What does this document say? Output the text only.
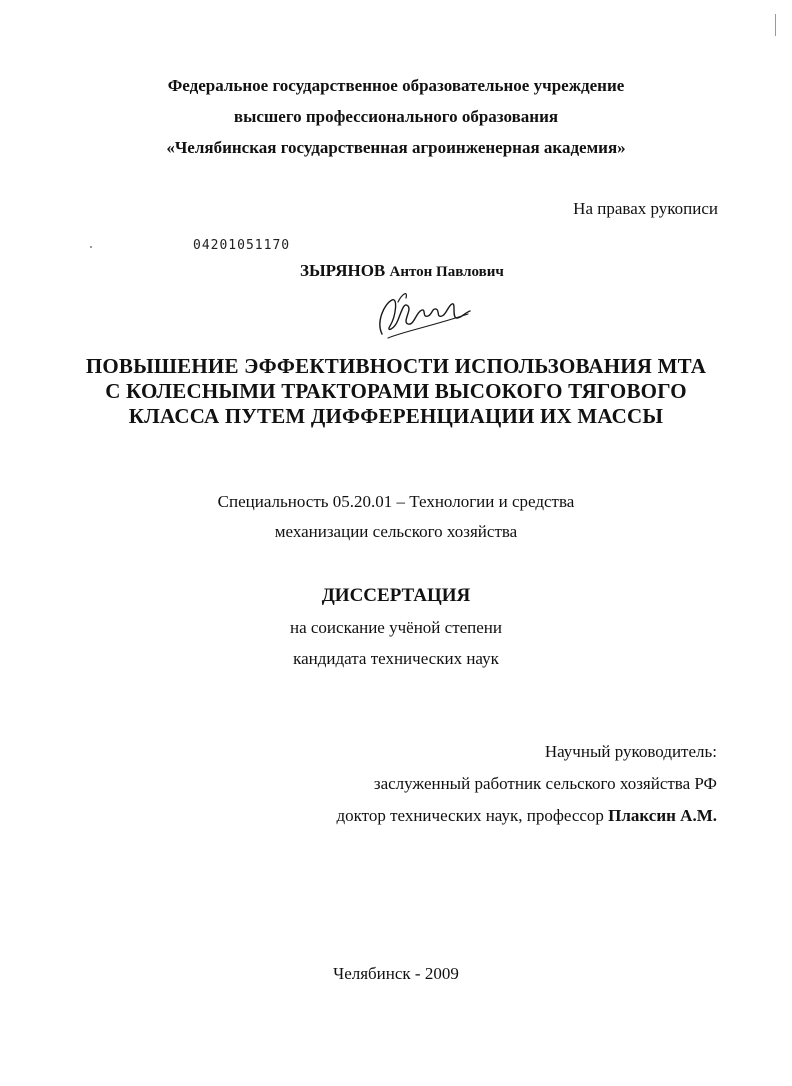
Федеральное государственное образовательное учреждение
высшего профессионального образования
«Челябинская государственная агроинженерная академия»
На правах рукописи
04201051170
ЗЫРЯНОВ Антон Павлович
ПОВЫШЕНИЕ ЭФФЕКТИВНОСТИ ИСПОЛЬЗОВАНИЯ МТА
С КОЛЕСНЫМИ ТРАКТОРАМИ ВЫСОКОГО ТЯГОВОГО
КЛАССА ПУТЕМ ДИФФЕРЕНЦИАЦИИ ИХ МАССЫ
Специальность 05.20.01 – Технологии и средства
механизации сельского хозяйства
ДИССЕРТАЦИЯ
на соискание учёной степени
кандидата технических наук
Научный руководитель:
заслуженный работник сельского хозяйства РФ
доктор технических наук, профессор Плаксин А.М.
Челябинск - 2009
